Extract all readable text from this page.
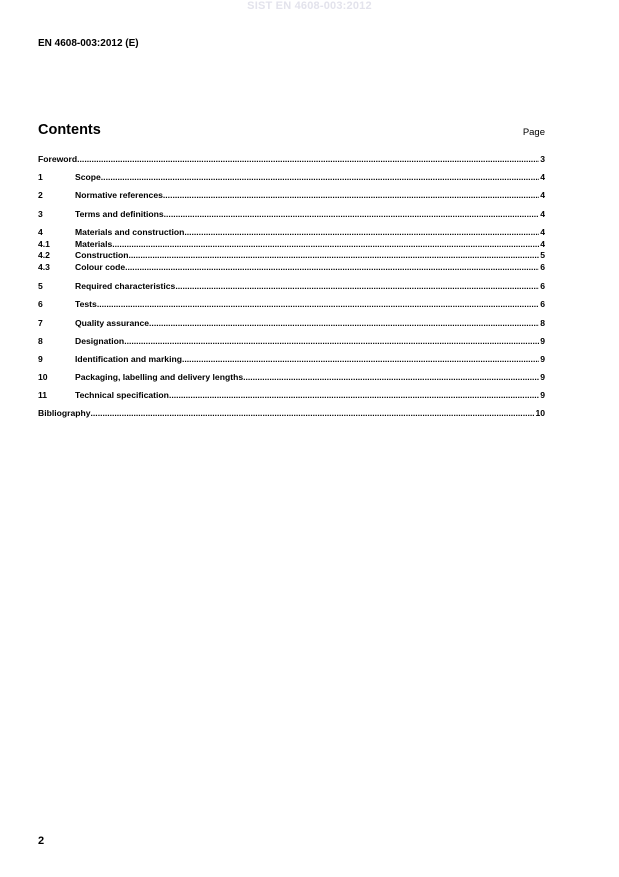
SIST EN 4608-003:2012
EN 4608-003:2012 (E)
Contents	Page
Foreword .....	3
1	Scope .....	4
2	Normative references .....	4
3	Terms and definitions .....	4
4	Materials and construction .....	4
4.1	Materials .....	4
4.2	Construction .....	5
4.3	Colour code .....	6
5	Required characteristics .....	6
6	Tests .....	6
7	Quality assurance .....	8
8	Designation .....	9
9	Identification and marking .....	9
10	Packaging, labelling and delivery lengths .....	9
11	Technical specification .....	9
Bibliography .....	10
2
